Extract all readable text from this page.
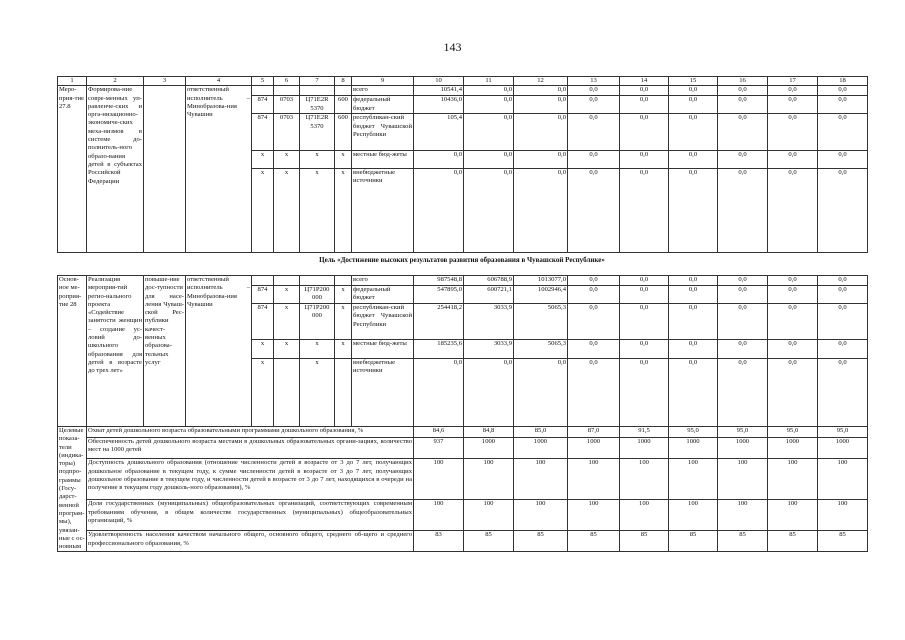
143
1	2	3	4	5	6	7	8	9	10	11	12	13	14	15	16	17	18
Меро-прия-тие 27.8	Формирова-ние совре-менных уп-равленче-ских и орга-низационно-экономиче-ских меха-низмов в системе до-полнитель-ного образо-вания детей в субъектах Российской Федерации		ответственный исполнитель – Минобразова-ния Чувашии					всего	10541,4	0,0	0,0	0,0	0,0	0,0	0,0	0,0	0,0
				874	0703	Ц71Е2R 5370	600	федеральный бюджет	10436,0	0,0	0,0	0,0	0,0	0,0	0,0	0,0	0,0
				874	0703	Ц71Е2R 5370	600	республикан-ский бюджет Чувашской Республики	105,4	0,0	0,0	0,0	0,0	0,0	0,0	0,0	0,0
				x	x	x	x	местные бюд-жеты	0,0	0,0	0,0	0,0	0,0	0,0	0,0	0,0	0,0
				x	x	x	x	внебюджетные источники	0,0	0,0	0,0	0,0	0,0	0,0	0,0	0,0	0,0
Цель «Достижение высоких результатов развития образования в Чувашской Республике»
Основ-ное ме-роприя-тие 28	Реализация мероприя-тий регио-нального проекта «Содействие занятости женщин – создание ус-ловий до-школьного образования для детей в возрасте до трех лет»	повыше-ние дос-тупности для насе-ления Чуваш-ской Рес-публики качест-венных образова-тельных услуг	ответственный исполнитель – Минобразова-ния Чувашии					всего	987548,8	606788,9	1013077,0	0,0	0,0	0,0	0,0	0,0	0,0
				874	x	Ц71Р200 000	x	федеральный бюджет	547895,0	600721,1	1002946,4	0,0	0,0	0,0	0,0	0,0	0,0
				874	x	Ц71Р200 000	x	республикан-ский бюджет Чувашской Республики	254418,2	3033,9	5065,3	0,0	0,0	0,0	0,0	0,0	0,0
				x	x	x	x	местные бюд-жеты	185235,6	3033,9	5065,3	0,0	0,0	0,0	0,0	0,0	0,0
				x		x		внебюджетные источники	0,0	0,0	0,0	0,0	0,0	0,0	0,0	0,0	0,0
Целевые показа-тели (индика-торы) подпро-граммы (Госу-дарст-венной програм-мы), увязан-ные с ос-новным	Охват детей дошкольного возраста образовательными программами дошкольного образования, %								84,6	84,8	85,0	87,0	91,5	95,0	95,0	95,0	95,0
	Обеспеченность детей дошкольного возраста местами в дошкольных образовательных органи-зациях, количество мест на 1000 детей								937	1000	1000	1000	1000	1000	1000	1000	1000
	Доступность дошкольного образования (отношение численности детей в возрасте от 3 до 7 лет, получающих дошкольное образование в текущем году, к сумме численности детей в возрасте от 3 до 7 лет, получающих дошкольное образование в текущем году, и численности детей в возрасте от 3 до 7 лет, находящихся в очереди на получение в текущем году дошколь-ного образования), %								100	100	100	100	100	100	100	100	100
	Доля государственных (муниципальных) общеобразовательных организаций, соответствующих современным требованиям обучения, в общем количестве государственных (муниципальных) общеобразовательных организаций, %								100	100	100	100	100	100	100	100	100
	Удовлетворенность населения качеством начального общего, основного общего, среднего об-щего и среднего профессионального образования, %								83	85	85	85	85	85	85	85	85
